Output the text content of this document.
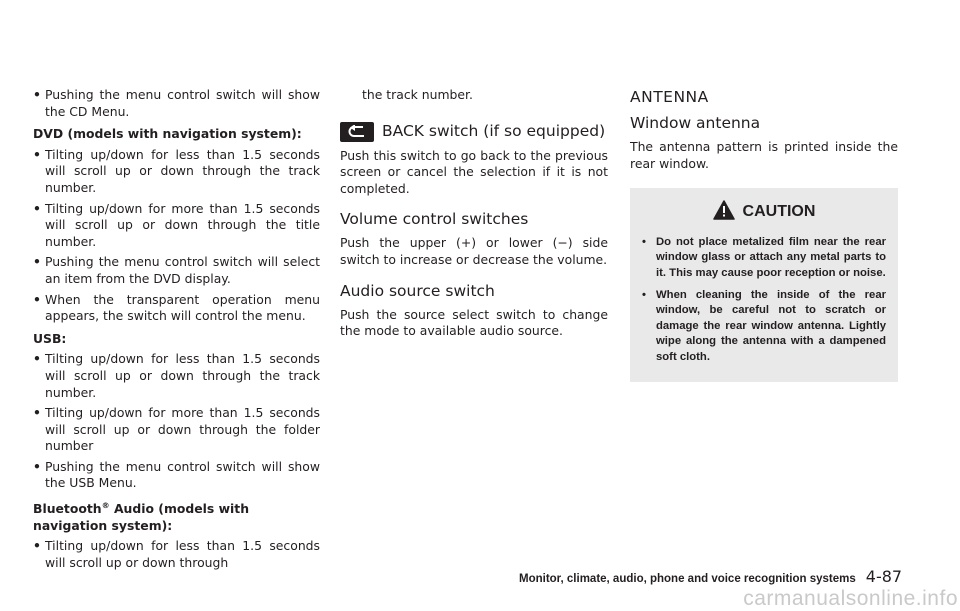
• Pushing the menu control switch will show the CD Menu.
DVD (models with navigation system):
• Tilting up/down for less than 1.5 seconds will scroll up or down through the track number.
• Tilting up/down for more than 1.5 seconds will scroll up or down through the title number.
• Pushing the menu control switch will select an item from the DVD display.
• When the transparent operation menu appears, the switch will control the menu.
USB:
• Tilting up/down for less than 1.5 seconds will scroll up or down through the track number.
• Tilting up/down for more than 1.5 seconds will scroll up or down through the folder number
• Pushing the menu control switch will show the USB Menu.
Bluetooth® Audio (models with navigation system):
• Tilting up/down for less than 1.5 seconds will scroll up or down through
the track number.
BACK switch (if so equipped)
Push this switch to go back to the previous screen or cancel the selection if it is not completed.
Volume control switches
Push the upper (+) or lower (−) side switch to increase or decrease the volume.
Audio source switch
Push the source select switch to change the mode to available audio source.
ANTENNA
Window antenna
The antenna pattern is printed inside the rear window.
CAUTION
• Do not place metalized film near the rear window glass or attach any metal parts to it. This may cause poor reception or noise.
• When cleaning the inside of the rear window, be careful not to scratch or damage the rear window antenna. Lightly wipe along the antenna with a dampened soft cloth.
Monitor, climate, audio, phone and voice recognition systems 4-87
carmanualsonline.info
